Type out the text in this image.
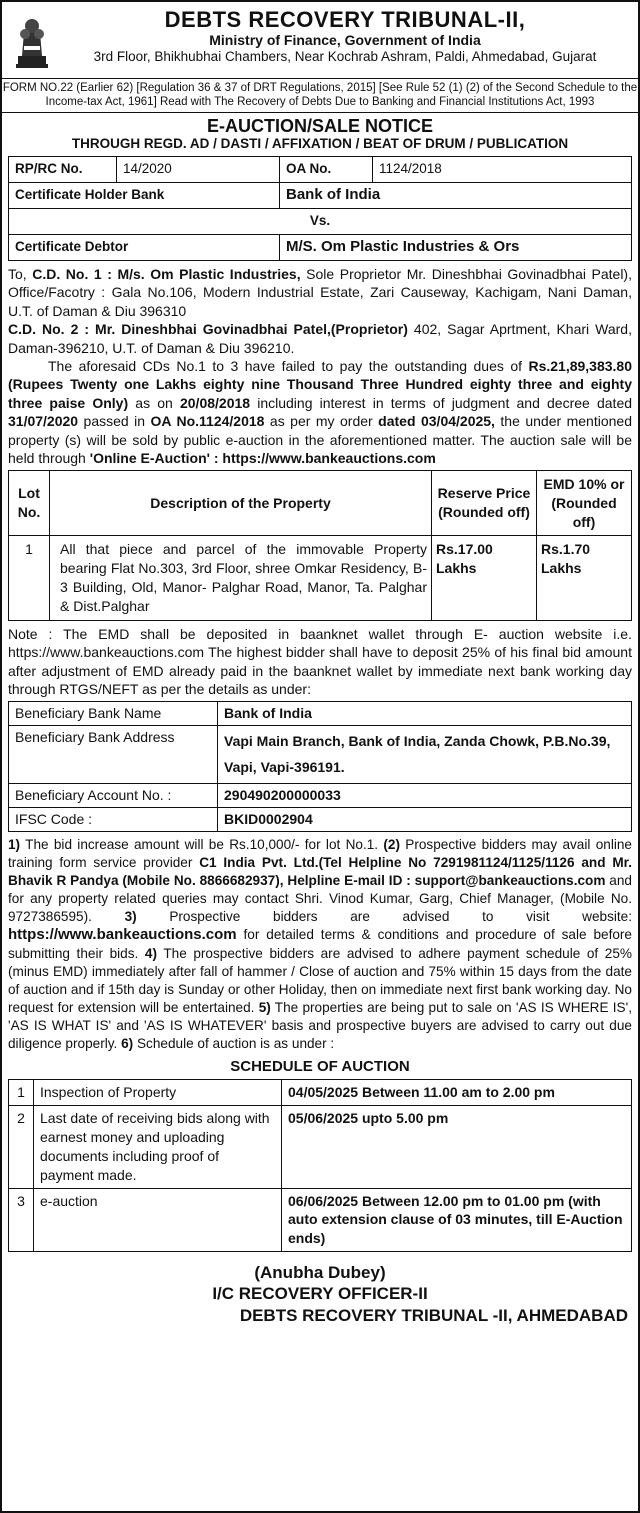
DEBTS RECOVERY TRIBUNAL-II,
Ministry of Finance, Government of India
3rd Floor, Bhikhubhai Chambers, Near Kochrab Ashram, Paldi, Ahmedabad, Gujarat
FORM NO.22 (Earlier 62) [Regulation 36 & 37 of DRT Regulations, 2015] [See Rule 52 (1) (2) of the Second Schedule to the Income-tax Act, 1961] Read with The Recovery of Debts Due to Banking and Financial Institutions Act, 1993
E-AUCTION/SALE NOTICE
THROUGH REGD. AD / DASTI / AFFIXATION / BEAT OF DRUM / PUBLICATION
RP/RC No.	14/2020	OA No.	1124/2018
Certificate Holder Bank		Bank of India	
Vs.			
Certificate Debtor		M/S. Om Plastic Industries & Ors	

To, C.D. No. 1 : M/s. Om Plastic Industries, Sole Proprietor Mr. Dineshbhai Govinadbhai Patel), Office/Facotry : Gala No.106, Modern Industrial Estate, Zari Causeway, Kachigam, Nani Daman, U.T. of Daman & Diu 396310

C.D. No. 2 : Mr. Dineshbhai Govinadbhai Patel,(Proprietor) 402, Sagar Aprtment, Khari Ward, Daman-396210, U.T. of Daman & Diu 396210.

The aforesaid CDs No.1 to 3 have failed to pay the outstanding dues of Rs.21,89,383.80 (Rupees Twenty one Lakhs eighty nine Thousand Three Hundred eighty three and eighty three paise Only) as on 20/08/2018 including interest in terms of judgment and decree dated 31/07/2020 passed in OA No.1124/2018 as per my order dated 03/04/2025, the under mentioned property (s) will be sold by public e-auction in the aforementioned matter. The auction sale will be held through 'Online E-Auction' : https://www.bankeauctions.com

Lot No.	Description of the Property	Reserve Price (Rounded off)	EMD 10% or (Rounded off)
1	All that piece and parcel of the immovable Property bearing Flat No.303, 3rd Floor, shree Omkar Residency, B-3 Building, Old, Manor- Palghar Road, Manor, Ta. Palghar & Dist.Palghar	Rs.17.00 Lakhs	Rs.1.70 Lakhs

Note : The EMD shall be deposited in baanknet wallet through E- auction website i.e. https://www.bankeauctions.com The highest bidder shall have to deposit 25% of his final bid amount after adjustment of EMD already paid in the baanknet wallet by immediate next bank working day through RTGS/NEFT as per the details as under:

Beneficiary Bank Name	Bank of India
Beneficiary Bank Address	Vapi Main Branch, Bank of India, Zanda Chowk, P.B.No.39, Vapi, Vapi-396191.
Beneficiary Account No. :	290490200000033
IFSC Code :	BKID0002904

1) The bid increase amount will be Rs.10,000/- for lot No.1. (2) Prospective bidders may avail online training form service provider C1 India Pvt. Ltd.(Tel Helpline No 7291981124/1125/1126 and Mr. Bhavik R Pandya (Mobile No. 8866682937), Helpline E-mail ID : support@bankeauctions.com and for any property related queries may contact Shri. Vinod Kumar, Garg, Chief Manager, (Mobile No. 9727386595). 3) Prospective bidders are advised to visit website: https://www.bankeauctions.com for detailed terms & conditions and procedure of sale before submitting their bids. 4) The prospective bidders are advised to adhere payment schedule of 25% (minus EMD) immediately after fall of hammer / Close of auction and 75% within 15 days from the date of auction and if 15th day is Sunday or other Holiday, then on immediate next first bank working day. No request for extension will be entertained. 5) The properties are being put to sale on 'AS IS WHERE IS', 'AS IS WHAT IS' and 'AS IS WHATEVER' basis and prospective buyers are advised to carry out due diligence properly. 6) Schedule of auction is as under :

SCHEDULE OF AUCTION
1	Inspection of Property	04/05/2025 Between 11.00 am to 2.00 pm
2	Last date of receiving bids along with earnest money and uploading documents including proof of payment made.	05/06/2025 upto 5.00 pm
3	e-auction	06/06/2025 Between 12.00 pm to 01.00 pm (with auto extension clause of 03 minutes, till E-Auction ends)
(Anubha Dubey)
I/C RECOVERY OFFICER-II
DEBTS RECOVERY TRIBUNAL -II, AHMEDABAD
